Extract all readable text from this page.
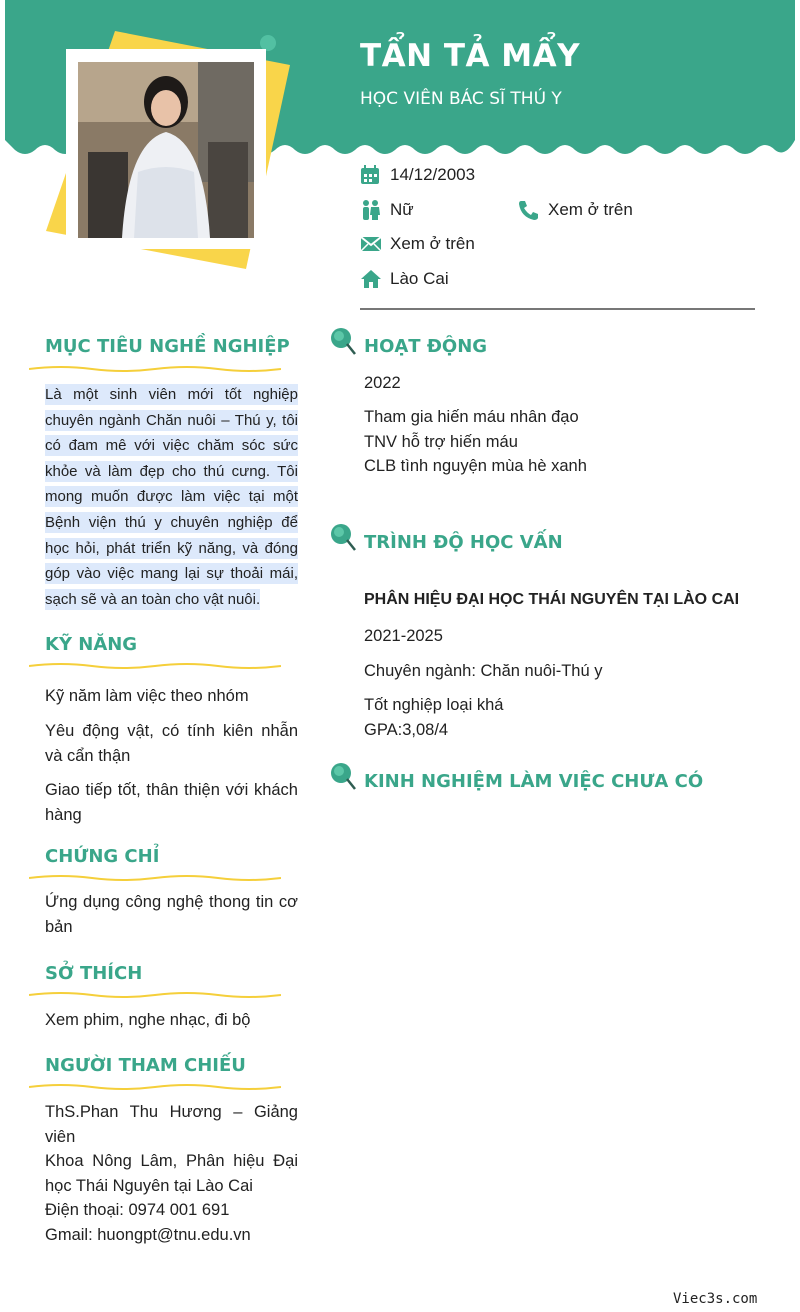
TẨN TẢ MẨY
HỌC VIÊN BÁC SĨ THÚ Y
14/12/2003
Nữ	Xem ở trên
Xem ở trên
Lào Cai
MỤC TIÊU NGHỀ NGHIỆP
Là một sinh viên mới tốt nghiệp chuyên ngành Chăn nuôi – Thú y, tôi có đam mê với việc chăm sóc sức khỏe và làm đẹp cho thú cưng. Tôi mong muốn được làm việc tại một Bệnh viện thú y chuyên nghiệp để học hỏi, phát triển kỹ năng, và đóng góp vào việc mang lại sự thoải mái, sạch sẽ và an toàn cho vật nuôi.
KỸ NĂNG
Kỹ năm làm việc theo nhóm
Yêu động vật, có tính kiên nhẫn và cẩn thận
Giao tiếp tốt, thân thiện với khách hàng
CHỨNG CHỈ
Ứng dụng công nghệ thong tin cơ bản
SỞ THÍCH
Xem phim, nghe nhạc, đi bộ
NGƯỜI THAM CHIẾU
ThS.Phan Thu Hương – Giảng viên
Khoa Nông Lâm, Phân hiệu Đại học Thái Nguyên tại Lào Cai
Điện thoại: 0974 001 691
Gmail: huongpt@tnu.edu.vn
HOẠT ĐỘNG
2022
Tham gia hiến máu nhân đạo
TNV hỗ trợ hiến máu
CLB tình nguyện mùa hè xanh
TRÌNH ĐỘ HỌC VẤN
PHÂN HIỆU ĐẠI HỌC THÁI NGUYÊN TẠI LÀO CAI
2021-2025
Chuyên ngành: Chăn nuôi-Thú y
Tốt nghiệp loại khá
GPA:3,08/4
KINH NGHIỆM LÀM VIỆC CHƯA CÓ
Viec3s.com
